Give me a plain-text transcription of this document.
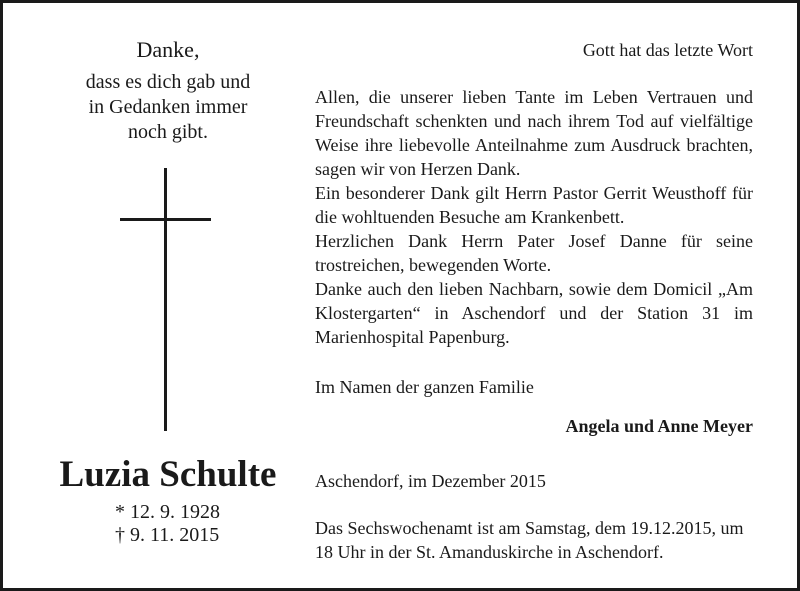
Danke,
dass es dich gab und
in Gedanken immer
noch gibt.
Luzia Schulte
* 12. 9. 1928
† 9. 11. 2015
Gott hat das letzte Wort
Allen, die unserer lieben Tante im Leben Vertrauen und Freundschaft schenkten und nach ihrem Tod auf vielfältige Weise ihre liebevolle Anteilnahme zum Ausdruck brachten, sagen wir von Herzen Dank.
Ein besonderer Dank gilt Herrn Pastor Gerrit Weusthoff für die wohltuenden Besuche am Krankenbett.
Herzlichen Dank Herrn Pater Josef Danne für seine trostreichen, bewegenden Worte.
Danke auch den lieben Nachbarn, sowie dem Domicil „Am Klostergarten“ in Aschendorf und der Station 31 im Marienhospital Papenburg.
Im Namen der ganzen Familie
Angela und Anne Meyer
Aschendorf, im Dezember 2015
Das Sechswochenamt ist am Samstag, dem 19.12.2015, um 18 Uhr in der St. Amanduskirche in Aschendorf.
